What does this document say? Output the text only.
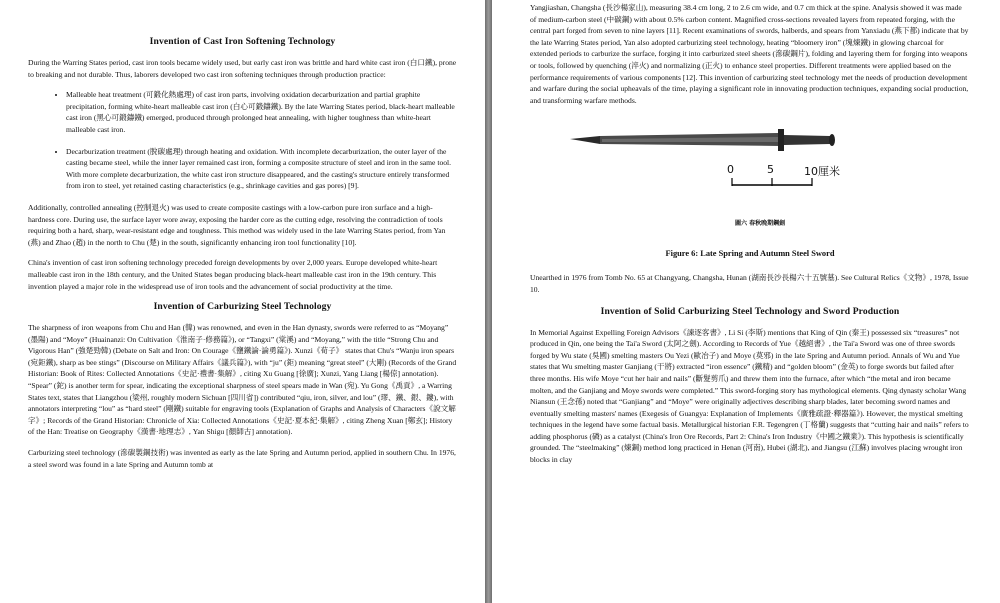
Invention of Cast Iron Softening Technology

During the Warring States period, cast iron tools became widely used, but early cast iron was brittle and hard white cast iron (白口鐵), prone to breaking and not durable. Thus, laborers developed two cast iron softening techniques through production practice:

• Malleable heat treatment (可鍛化熱處理) of cast iron parts, involving oxidation decarburization and partial graphite precipitation, forming white-heart malleable cast iron (白心可鍛鑄鐵). By the late Warring States period, black-heart malleable cast iron (黑心可鍛鑄鐵) emerged, produced through prolonged heat annealing, with higher toughness than white-heart malleable cast iron.
• Decarburization treatment (脫碳處理) through heating and oxidation. With incomplete decarburization, the outer layer of the casting became steel, while the inner layer remained cast iron, forming a composite structure of steel and iron in the same tool. With more complete decarburization, the white cast iron structure disappeared, and the casting's structure entirely transformed from iron to steel, yet retained casting characteristics (e.g., shrinkage cavities and gas pores) [9].

Additionally, controlled annealing (控制退火) was used to create composite castings with a low-carbon pure iron surface and a high-hardness core. During use, the surface layer wore away, exposing the harder core as the cutting edge, resolving the contradiction of tools requiring both a hard, sharp, wear-resistant edge and toughness. This method was widely used in the late Warring States period, from Yan (燕) and Zhao (趙) in the north to Chu (楚) in the south, significantly enhancing iron tool functionality [10].

China's invention of cast iron softening technology preceded foreign developments by over 2,000 years. Europe developed white-heart malleable cast iron in the 18th century, and the United States began producing black-heart malleable cast iron in the 19th century. This invention played a major role in the widespread use of iron tools and the advancement of social productivity at the time.

Invention of Carburizing Steel Technology

The sharpness of iron weapons from Chu and Han (韓) was renowned, and even in the Han dynasty, swords were referred to as “Moyang” (墨陽) and “Moye” (Huainanzi: On Cultivation《淮南子·修務篇》), or “Tangxi” (棠溪) and “Moyang,” with the title “Strong Chu and Vigorous Han” (強楚勁韓) (Debate on Salt and Iron: On Courage《鹽鐵論·論勇篇》). Xunzi《荀子》 states that Chu's “Wanju iron spears (宛鉅鐵), sharp as bee stings” (Discourse on Military Affairs《議兵篇》), with “ju” (鉅) meaning “great steel” (大剛) (Records of the Grand Historian: Book of Rites: Collected Annotations《史記·禮書·集解》, citing Xu Guang [徐廣]; Xunzi, Yang Liang [楊倞] annotation). “Spear” (鉈) is another term for spear, indicating the exceptional sharpness of steel spears made in Wan (宛). Yu Gong《禹貢》, a Warring States text, states that Liangzhou (梁州, roughly modern Sichuan [四川省]) contributed “qiu, iron, silver, and lou” (璆、鐵、銀、鏤), with annotators interpreting “lou” as “hard steel” (剛鐵) suitable for engraving tools (Explanation of Graphs and Analysis of Characters《說文解字》; Records of the Grand Historian: Chronicle of Xia: Collected Annotations《史記·夏本紀·集解》, citing Zheng Xuan [鄭玄]; History of the Han: Treatise on Geography《漢書·地理志》, Yan Shigu [顏師古] annotation).

Carburizing steel technology (滲碳製鋼技術) was invented as early as the late Spring and Autumn period, applied in southern Chu. In 1976, a steel sword was found in a late Spring and Autumn tomb at

Yangjiashan, Changsha (長沙楊家山), measuring 38.4 cm long, 2 to 2.6 cm wide, and 0.7 cm thick at the spine. Analysis showed it was made of medium-carbon steel (中碳鋼) with about 0.5% carbon content. Magnified cross-sections revealed layers from repeated forging, with the central part forged from seven to nine layers [11]. Recent examinations of swords, halberds, and spears from Yanxiadu (燕下都) indicate that by the late Warring States period, Yan also adopted carburizing steel technology, heating “bloomery iron” (塊煉鐵) in glowing charcoal for extended periods to carburize the surface, forging it into carburized steel sheets (滲碳鋼片), folding and layering them for forging into weapons or tools, followed by quenching (淬火) and normalizing (正火) to enhance steel properties. Different treatments were applied based on the performance requirements of various components [12]. This invention of carburizing steel technology met the needs of production development and warfare during the social upheavals of the time, playing a significant role in innovating production techniques, expanding social production, and transforming warfare methods.

0	5	10厘米
圖六 春秋晚期鋼劍
Figure 6: Late Spring and Autumn Steel Sword

Unearthed in 1976 from Tomb No. 65 at Changyang, Changsha, Hunan (湖南長沙長楊六十五號墓). See Cultural Relics《文物》, 1978, Issue 10.

Invention of Solid Carburizing Steel Technology and Sword Production

In Memorial Against Expelling Foreign Advisors《諫逐客書》, Li Si (李斯) mentions that King of Qin (秦王) possessed six “treasures” not produced in Qin, one being the Tai'a Sword (太阿之劍). According to Records of Yue《越絕書》, the Tai'a Sword was one of three swords forged by Wu state (吳國) smelting masters Ou Yezi (歐冶子) and Moye (莫邪) in the late Spring and Autumn period. Annals of Wu and Yue states that Wu smelting master Ganjiang (干將) extracted “iron essence” (鐵精) and “golden bloom” (金英) to forge swords but failed after three months. His wife Moye “cut her hair and nails” (斷髮剪爪) and threw them into the furnace, after which “the metal and iron became molten, and the Ganjiang and Moye swords were completed.” This sword-forging story has mythological elements. Qing dynasty scholar Wang Niansun (王念孫) noted that “Ganjiang” and “Moye” were originally adjectives describing sharp blades, later becoming sword names and eventually smelting masters' names (Exegesis of Guangya: Explanation of Implements《廣雅疏證·釋器篇》). However, the mystical smelting techniques in the legend have some factual basis. Metallurgical historian F.R. Tegengren (丁格蘭) suggests that “cutting hair and nails” refers to adding phosphorus (磷) as a catalyst (China's Iron Ore Records, Part 2: China's Iron Industry《中國之鐵業》). This hypothesis is scientifically grounded. The “steelmaking” (煉鋼) method long practiced in Henan (河南), Hubei (湖北), and Jiangsu (江蘇) involves placing wrought iron blocks in clay
